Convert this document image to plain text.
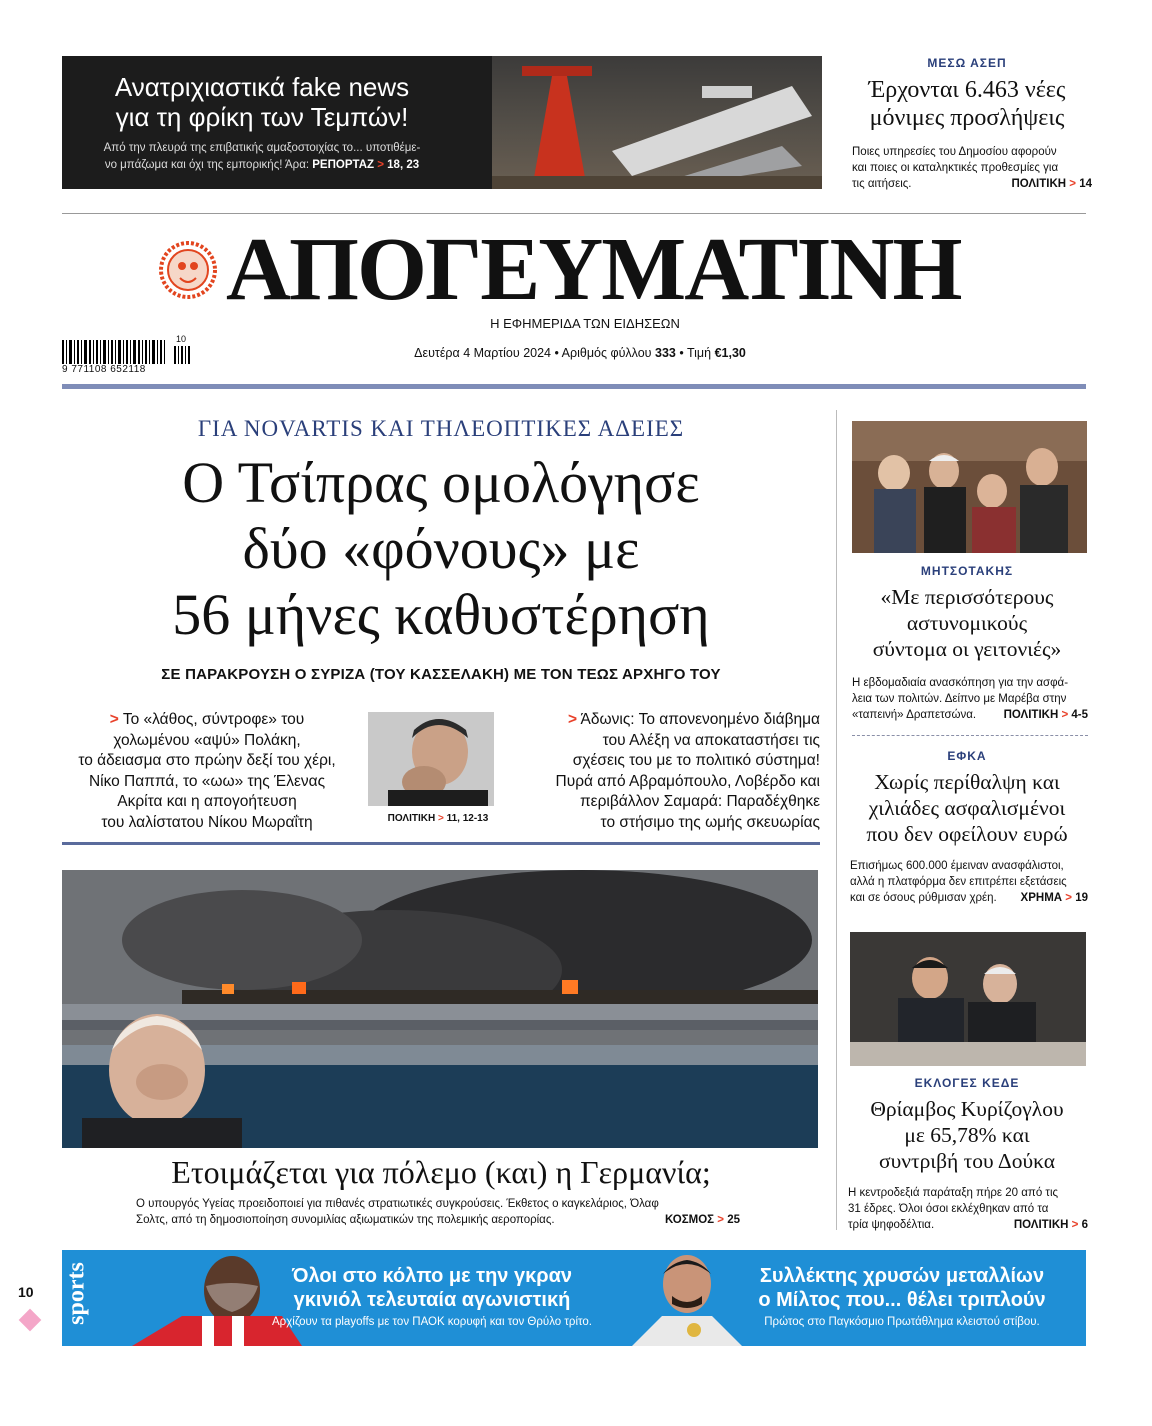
Ανατριχιαστικά fake news
για τη φρίκη των Τεμπών!
Από την πλευρά της επιβατικής αμαξοστοιχίας το... υποτιθέμε-
νο μπάζωμα και όχι της εμπορικής! Άρα: ΡΕΠΟΡΤΑΖ > 18, 23
ΜΕΣΩ ΑΣΕΠ
Έρχονται 6.463 νέες
μόνιμες προσλήψεις
Ποιες υπηρεσίες του Δημοσίου αφορούν
και ποιες οι καταληκτικές προθεσμίες για
τις αιτήσεις.	ΠΟΛΙΤΙΚΗ > 14
ΑΠΟΓΕΥΜΑΤΙΝΗ
Η ΕΦΗΜΕΡΙΔΑ ΤΩΝ ΕΙΔΗΣΕΩΝ
10
9 771108 652118
Δευτέρα 4 Μαρτίου 2024 • Αριθμός φύλλου 333 • Τιμή €1,30
ΓΙΑ NOVARTIS ΚΑΙ ΤΗΛΕΟΠΤΙΚΕΣ ΑΔΕΙΕΣ
Ο Τσίπρας ομολόγησε
δύο «φόνους» με
56 μήνες καθυστέρηση
ΣΕ ΠΑΡΑΚΡΟΥΣΗ Ο ΣΥΡΙΖΑ (ΤΟΥ ΚΑΣΣΕΛΑΚΗ) ΜΕ ΤΟΝ ΤΕΩΣ ΑΡΧΗΓΟ ΤΟΥ
> Το «λάθος, σύντροφε» του
χολωμένου «αψύ» Πολάκη,
το άδειασμα στο πρώην δεξί του χέρι,
Νίκο Παππά, το «ωω» της Έλενας
Ακρίτα και η απογοήτευση
του λαλίστατου Νίκου Μωραΐτη	ΠΟΛΙΤΙΚΗ > 11, 12-13
> Άδωνις: Το απονενοημένο διάβημα
του Αλέξη να αποκαταστήσει τις
σχέσεις του με το πολιτικό σύστημα!
Πυρά από Αβραμόπουλο, Λοβέρδο και
περιβάλλον Σαμαρά: Παραδέχθηκε
το στήσιμο της ωμής σκευωρίας
Ετοιμάζεται για πόλεμο (και) η Γερμανία;
Ο υπουργός Υγείας προειδοποιεί για πιθανές στρατιωτικές συγκρούσεις. Έκθετος ο καγκελάριος, Όλαφ
Σολτς, από τη δημοσιοποίηση συνομιλίας αξιωματικών της πολεμικής αεροπορίας.	ΚΟΣΜΟΣ > 25
ΜΗΤΣΟΤΑΚΗΣ
«Με περισσότερους
αστυνομικούς
σύντομα οι γειτονιές»
Η εβδομαδιαία ανασκόπηση για την ασφά-
λεια των πολιτών. Δείπνο με Μαρέβα στην
«ταπεινή» Δραπετσώνα. ΠΟΛΙΤΙΚΗ > 4-5
ΕΦΚΑ
Χωρίς περίθαλψη και
χιλιάδες ασφαλισμένοι
που δεν οφείλουν ευρώ
Επισήμως 600.000 έμειναν ανασφάλιστοι,
αλλά η πλατφόρμα δεν επιτρέπει εξετάσεις
και σε όσους ρύθμισαν χρέη. ΧΡΗΜΑ > 19
ΕΚΛΟΓΕΣ ΚΕΔΕ
Θρίαμβος Κυρίζογλου
με 65,78% και
συντριβή του Δούκα
Η κεντροδεξιά παράταξη πήρε 20 από τις
31 έδρες. Όλοι όσοι εκλέχθηκαν από τα
τρία ψηφοδέλτια.	ΠΟΛΙΤΙΚΗ > 6
10 sports	Όλοι στο κόλπο με την γκραν
γκινιόλ τελευταία αγωνιστική
Αρχίζουν τα playoffs με τον ΠΑΟΚ κορυφή και τον Θρύλο τρίτο.
Συλλέκτης χρυσών μεταλλίων
ο Μίλτος που... θέλει τριπλούν
Πρώτος στο Παγκόσμιο Πρωτάθλημα κλειστού στίβου.
